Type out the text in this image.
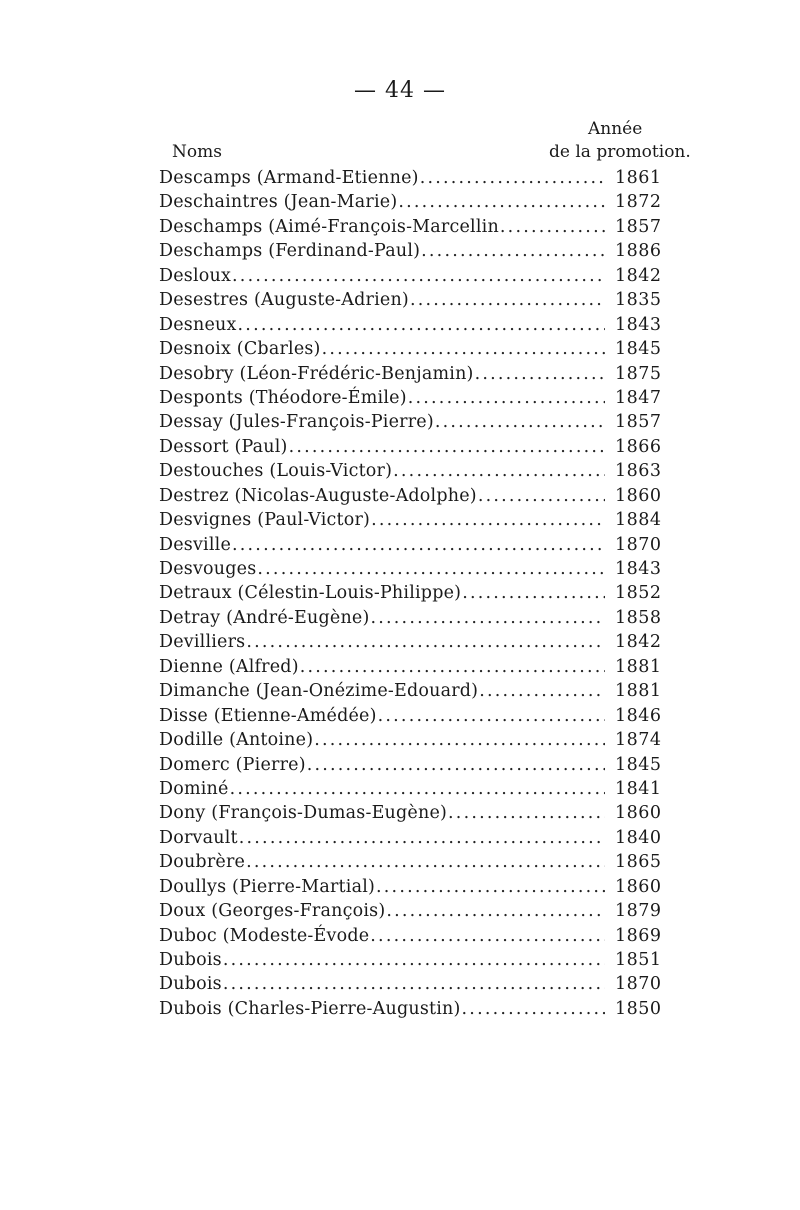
— 44 —
Année
Noms	de la promotion.
Descamps (Armand-Etienne) .....	1861
Deschaintres (Jean-Marie) .....	1872
Deschamps (Aimé-François-Marcellin .....	1857
Deschamps (Ferdinand-Paul) .....	1886
Desloux .....	1842
Desestres (Auguste-Adrien) .....	1835
Desneux .....	1843
Desnoix (Cbarles) .....	1845
Desobry (Léon-Frédéric-Benjamin) .....	1875
Desponts (Théodore-Émile) .....	1847
Dessay (Jules-François-Pierre) .....	1857
Dessort (Paul) .....	1866
Destouches (Louis-Victor) .....	1863
Destrez (Nicolas-Auguste-Adolphe) .....	1860
Desvignes (Paul-Victor) .....	1884
Desville .....	1870
Desvouges .....	1843
Detraux (Célestin-Louis-Philippe) .....	1852
Detray (André-Eugène) .....	1858
Devilliers .....	1842
Dienne (Alfred) .....	1881
Dimanche (Jean-Onézime-Edouard) .....	1881
Disse (Etienne-Amédée) .....	1846
Dodille (Antoine) .....	1874
Domerc (Pierre) .....	1845
Dominé .....	1841
Dony (François-Dumas-Eugène) .....	1860
Dorvault .....	1840
Doubrère .....	1865
Doullys (Pierre-Martial) .....	1860
Doux (Georges-François) .....	1879
Duboc (Modeste-Évode .....	1869
Dubois .....	1851
Dubois .....	1870
Dubois (Charles-Pierre-Augustin) .....	1850
